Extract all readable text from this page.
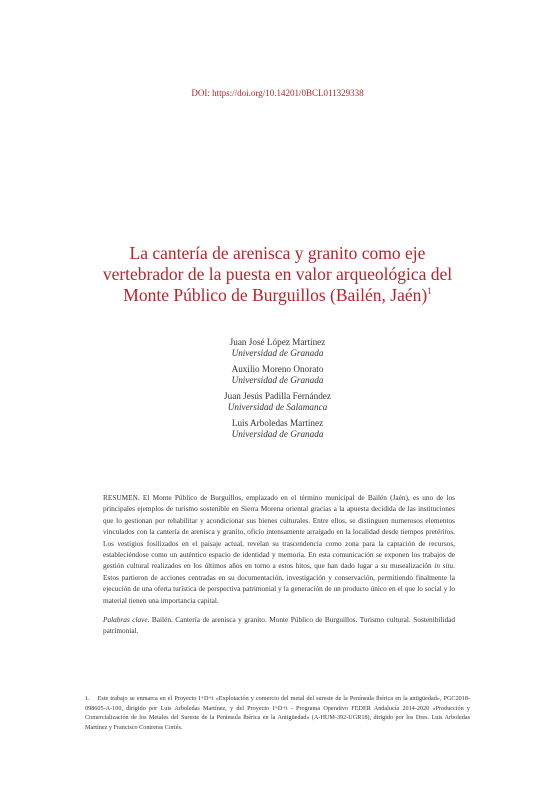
DOI: https://doi.org/10.14201/0BCL011329338
La cantería de arenisca y granito como eje vertebrador de la puesta en valor arqueológica del Monte Público de Burguillos (Bailén, Jaén)$^1$
Juan José López Martínez
Universidad de Granada
Auxilio Moreno Onorato
Universidad de Granada
Juan Jesús Padilla Fernández
Universidad de Salamanca
Luis Arboledas Martínez
Universidad de Granada

RESUMEN. El Monte Público de Burguillos, emplazado en el término municipal de Bailén (Jaén), es uno de los principales ejemplos de turismo sostenible en Sierra Morena oriental gracias a la apuesta decidida de las instituciones que lo gestionan por rehabilitar y acondicionar sus bienes culturales. Entre ellos, se distinguen numerosos elementos vinculados con la cantería de arenisca y granito, oficio intensamente arraigado en la localidad desde tiempos pretéritos. Los vestigios fosilizados en el paisaje actual, revelan su trascendencia como zona para la captación de recursos, estableciéndose como un auténtico espacio de identidad y memoria. En esta comunicación se exponen los trabajos de gestión cultural realizados en los últimos años en torno a estos hitos, que han dado lugar a su musealización in situ. Estos partieron de acciones centradas en su documentación, investigación y conservación, permitiendo finalmente la ejecución de una oferta turística de perspectiva patrimonial y la generación de un producto único en el que lo social y lo material tienen una importancia capital.

Palabras clave. Bailén. Cantería de arenisca y granito. Monte Público de Burguillos. Turismo cultural. Sostenibilidad patrimonial.

1. Este trabajo se enmarca en el Proyecto I+D+i «Explotación y comercio del metal del sureste de la Península Ibérica en la antigüedad», PGC2018-098605-A-100, dirigido por Luis Arboledas Martínez, y del Proyecto I+D+i - Programa Operativo FEDER Andalucía 2014-2020 «Producción y Comercialización de los Metales del Sureste de la Península Ibérica en la Antigüedad» (A-HUM-392-UGR18), dirigido por los Dres. Luis Arboledas Martínez y Francisco Contreras Cortés.
